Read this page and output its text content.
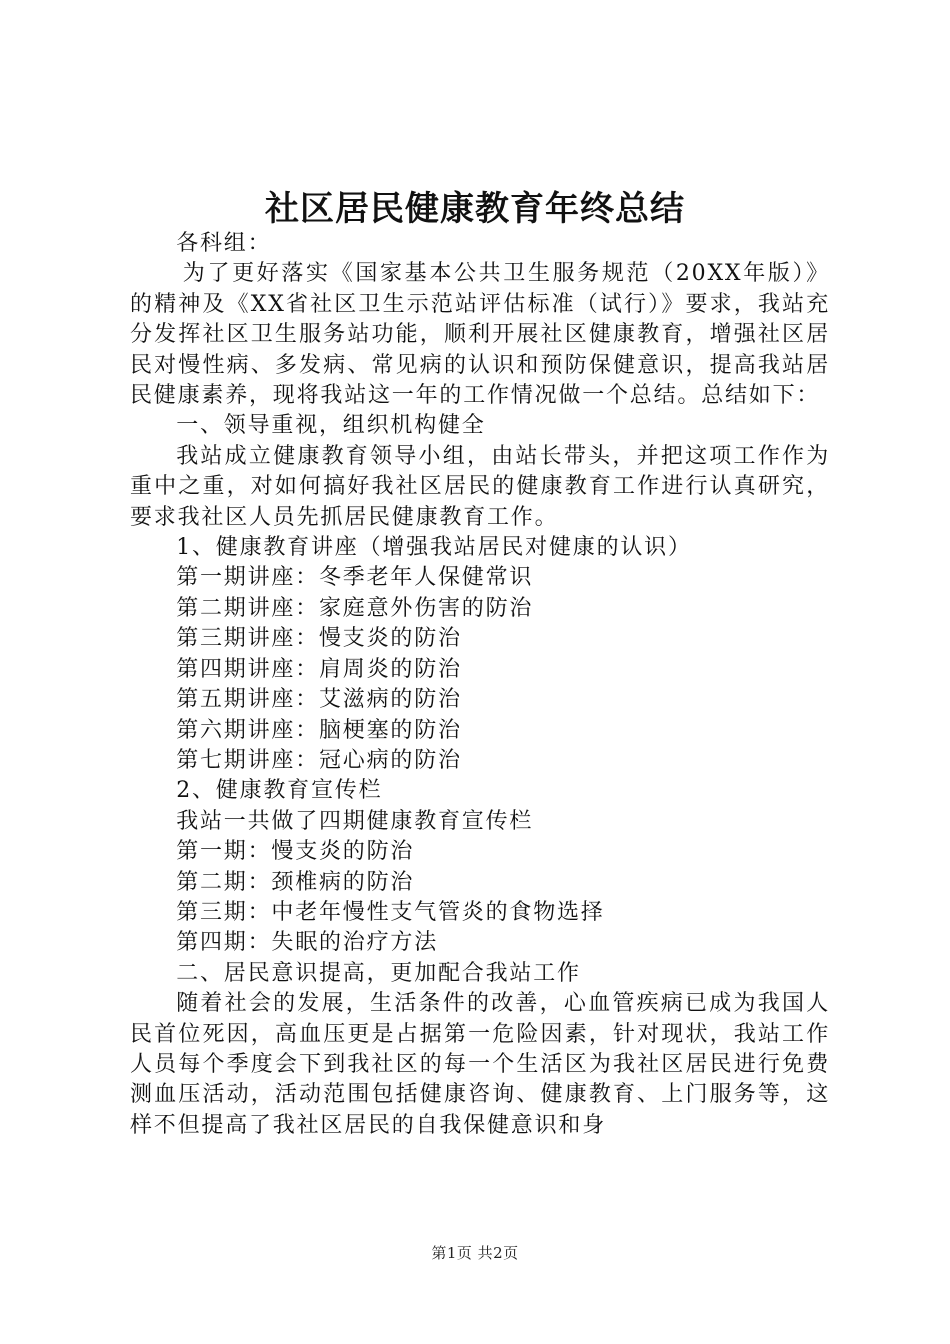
社区居民健康教育年终总结

各科组：

为了更好落实《国家基本公共卫生服务规范（20XX年版）》的精神及《XX省社区卫生示范站评估标准（试行）》要求，我站充分发挥社区卫生服务站功能，顺利开展社区健康教育，增强社区居民对慢性病、多发病、常见病的认识和预防保健意识，提高我站居民健康素养，现将我站这一年的工作情况做一个总结。总结如下：

一、领导重视，组织机构健全

我站成立健康教育领导小组，由站长带头，并把这项工作作为重中之重，对如何搞好我社区居民的健康教育工作进行认真研究，要求我社区人员先抓居民健康教育工作。

1、健康教育讲座（增强我站居民对健康的认识）

第一期讲座：冬季老年人保健常识

第二期讲座：家庭意外伤害的防治

第三期讲座：慢支炎的防治

第四期讲座：肩周炎的防治

第五期讲座：艾滋病的防治

第六期讲座：脑梗塞的防治

第七期讲座：冠心病的防治

2、健康教育宣传栏

我站一共做了四期健康教育宣传栏

第一期：慢支炎的防治

第二期：颈椎病的防治

第三期：中老年慢性支气管炎的食物选择

第四期：失眠的治疗方法

二、居民意识提高，更加配合我站工作

随着社会的发展，生活条件的改善，心血管疾病已成为我国人民首位死因，高血压更是占据第一危险因素，针对现状，我站工作人员每个季度会下到我社区的每一个生活区为我社区居民进行免费测血压活动，活动范围包括健康咨询、健康教育、上门服务等，这样不但提高了我社区居民的自我保健意识和身

第1页 共2页
